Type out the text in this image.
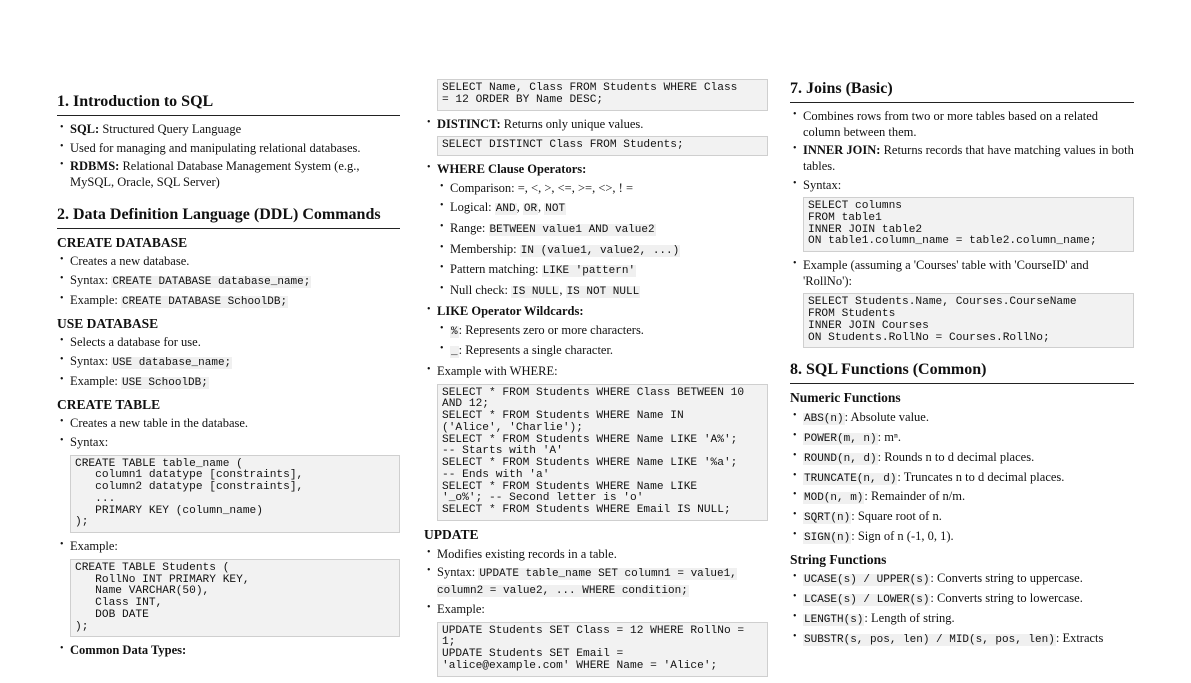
1. Introduction to SQL
• SQL: Structured Query Language
• Used for managing and manipulating relational databases.
• RDBMS: Relational Database Management System (e.g., MySQL, Oracle, SQL Server)
2. Data Definition Language (DDL) Commands
CREATE DATABASE
• Creates a new database.
• Syntax: CREATE DATABASE database_name;
• Example: CREATE DATABASE SchoolDB;
USE DATABASE
• Selects a database for use.
• Syntax: USE database_name;
• Example: USE SchoolDB;
CREATE TABLE
• Creates a new table in the database.
• Syntax:
CREATE TABLE table_name (
column1 datatype [constraints],
column2 datatype [constraints],
...
PRIMARY KEY (column_name)
);
• Example:
CREATE TABLE Students (
RollNo INT PRIMARY KEY,
Name VARCHAR(50),
Class INT,
DOB DATE
);
• Common Data Types:
SELECT Name, Class FROM Students WHERE Class
= 12 ORDER BY Name DESC;
• DISTINCT: Returns only unique values.
SELECT DISTINCT Class FROM Students;
• WHERE Clause Operators:
• Comparison: =, <, >, <=, >=, <>, ! =
• Logical: AND, OR, NOT
• Range: BETWEEN value1 AND value2
• Membership: IN (value1, value2, ...)
• Pattern matching: LIKE 'pattern'
• Null check: IS NULL, IS NOT NULL
• LIKE Operator Wildcards:
• %: Represents zero or more characters.
• _: Represents a single character.
• Example with WHERE:
SELECT * FROM Students WHERE Class BETWEEN 10
AND 12;
SELECT * FROM Students WHERE Name IN
('Alice', 'Charlie');
SELECT * FROM Students WHERE Name LIKE 'A%';
-- Starts with 'A'
SELECT * FROM Students WHERE Name LIKE '%a';
-- Ends with 'a'
SELECT * FROM Students WHERE Name LIKE
'_o%'; -- Second letter is 'o'
SELECT * FROM Students WHERE Email IS NULL;
UPDATE
• Modifies existing records in a table.
• Syntax: UPDATE table_name SET column1 = value1,
column2 = value2, ... WHERE condition;
• Example:
UPDATE Students SET Class = 12 WHERE RollNo =
1;
UPDATE Students SET Email =
'alice@example.com' WHERE Name = 'Alice';
7. Joins (Basic)
• Combines rows from two or more tables based on a related column between them.
• INNER JOIN: Returns records that have matching values in both tables.
• Syntax:
SELECT columns
FROM table1
INNER JOIN table2
ON table1.column_name = table2.column_name;
• Example (assuming a 'Courses' table with 'CourseID' and 'RollNo'):
SELECT Students.Name, Courses.CourseName
FROM Students
INNER JOIN Courses
ON Students.RollNo = Courses.RollNo;
8. SQL Functions (Common)
Numeric Functions
• ABS(n): Absolute value.
• POWER(m, n): mⁿ.
• ROUND(n, d): Rounds n to d decimal places.
• TRUNCATE(n, d): Truncates n to d decimal places.
• MOD(n, m): Remainder of n/m.
• SQRT(n): Square root of n.
• SIGN(n): Sign of n (-1, 0, 1).
String Functions
• UCASE(s) / UPPER(s): Converts string to uppercase.
• LCASE(s) / LOWER(s): Converts string to lowercase.
• LENGTH(s): Length of string.
• SUBSTR(s, pos, len) / MID(s, pos, len): Extracts
